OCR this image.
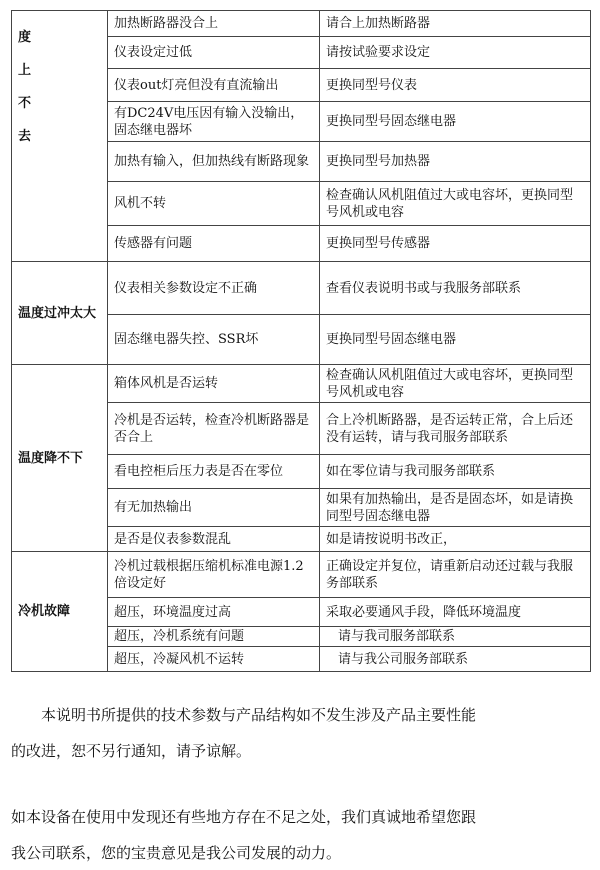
度
上
不
去	加热断路器没合上	请合上加热断路器
	仪表设定过低	请按试验要求设定
	仪表out灯亮但没有直流输出	更换同型号仪表
	有DC24V电压因有输入没输出，固态继电器坏	更换同型号固态继电器
	加热有输入，但加热线有断路现象	更换同型号加热器
	风机不转	检查确认风机阻值过大或电容坏，更换同型号风机或电容
	传感器有问题	更换同型号传感器
温度过冲太大	仪表相关参数设定不正确	查看仪表说明书或与我服务部联系
	固态继电器失控、SSR坏	更换同型号固态继电器
温度降不下	箱体风机是否运转	检查确认风机阻值过大或电容坏，更换同型号风机或电容
	冷机是否运转，检查冷机断路器是否合上	合上冷机断路器，是否运转正常，合上后还没有运转，请与我司服务部联系
	看电控柜后压力表是否在零位	如在零位请与我司服务部联系
	有无加热输出	如果有加热输出，是否是固态坏，如是请换同型号固态继电器
	是否是仪表参数混乱	如是请按说明书改正，
冷机故障	冷机过载根据压缩机标准电源1.2倍设定好	正确设定并复位，请重新启动还过载与我服务部联系
	超压，环境温度过高	采取必要通风手段，降低环境温度
	超压，冷机系统有问题	请与我司服务部联系
	超压，冷凝风机不运转	请与我公司服务部联系
本说明书所提供的技术参数与产品结构如不发生涉及产品主要性能
的改进，恕不另行通知，请予谅解。
如本设备在使用中发现还有些地方存在不足之处，我们真诚地希望您跟
我公司联系，您的宝贵意见是我公司发展的动力。
